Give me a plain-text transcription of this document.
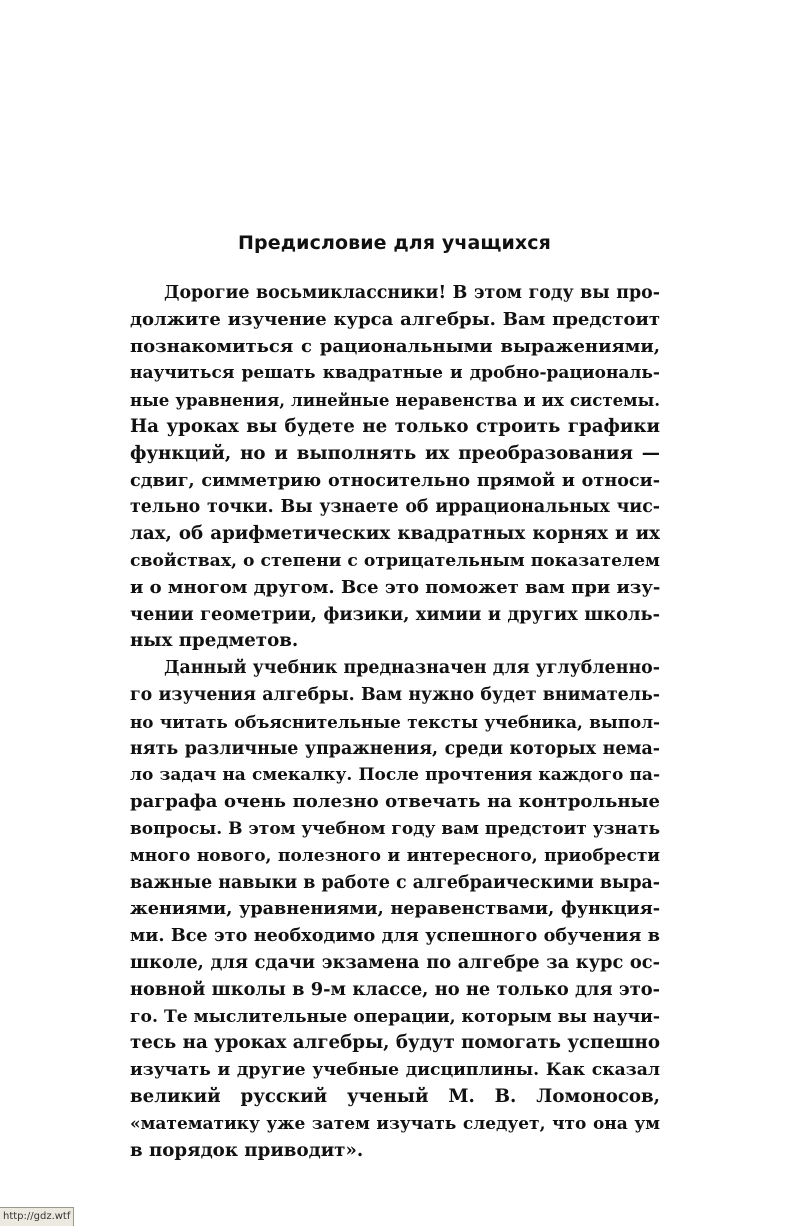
Предисловие для учащихся
Дорогие восьмиклассники! В этом году вы про-
должите изучение курса алгебры. Вам предстоит
познакомиться с рациональными выражениями,
научиться решать квадратные и дробно-рациональ-
ные уравнения, линейные неравенства и их системы.
На уроках вы будете не только строить графики
функций, но и выполнять их преобразования —
сдвиг, симметрию относительно прямой и относи-
тельно точки. Вы узнаете об иррациональных чис-
лах, об арифметических квадратных корнях и их
свойствах, о степени с отрицательным показателем
и о многом другом. Все это поможет вам при изу-
чении геометрии, физики, химии и других школь-
ных предметов.
Данный учебник предназначен для углубленно-
го изучения алгебры. Вам нужно будет вниматель-
но читать объяснительные тексты учебника, выпол-
нять различные упражнения, среди которых нема-
ло задач на смекалку. После прочтения каждого па-
раграфа очень полезно отвечать на контрольные
вопросы. В этом учебном году вам предстоит узнать
много нового, полезного и интересного, приобрести
важные навыки в работе с алгебраическими выра-
жениями, уравнениями, неравенствами, функция-
ми. Все это необходимо для успешного обучения в
школе, для сдачи экзамена по алгебре за курс ос-
новной школы в 9-м классе, но не только для это-
го. Те мыслительные операции, которым вы научи-
тесь на уроках алгебры, будут помогать успешно
изучать и другие учебные дисциплины. Как сказал
великий русский ученый М. В. Ломоносов,
«математику уже затем изучать следует, что она ум
в порядок приводит».
http://gdz.wtf
